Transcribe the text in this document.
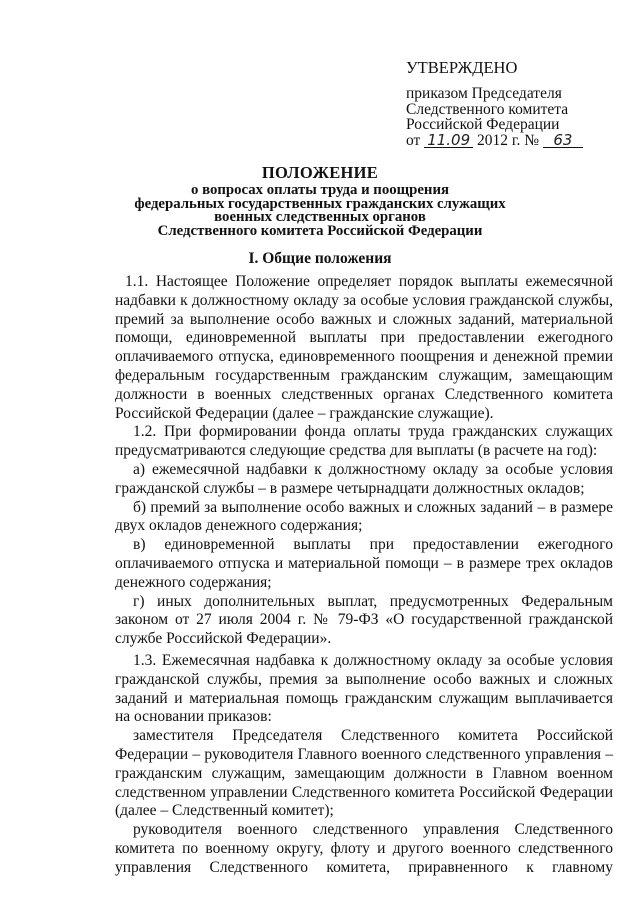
УТВЕРЖДЕНО
приказом Председателя
Следственного комитета
Российской Федерации
от 11.09 2012 г. № 63
ПОЛОЖЕНИЕ
о вопросах оплаты труда и поощрения
федеральных государственных гражданских служащих
военных следственных органов
Следственного комитета Российской Федерации
I. Общие положения

1.1. Настоящее Положение определяет порядок выплаты ежемесячной надбавки к должностному окладу за особые условия гражданской службы, премий за выполнение особо важных и сложных заданий, материальной помощи, единовременной выплаты при предоставлении ежегодного оплачиваемого отпуска, единовременного поощрения и денежной премии федеральным государственным гражданским служащим, замещающим должности в военных следственных органах Следственного комитета Российской Федерации (далее – гражданские служащие).

1.2. При формировании фонда оплаты труда гражданских служащих предусматриваются следующие средства для выплаты (в расчете на год):

а) ежемесячной надбавки к должностному окладу за особые условия гражданской службы – в размере четырнадцати должностных окладов;

б) премий за выполнение особо важных и сложных заданий – в размере двух окладов денежного содержания;

в) единовременной выплаты при предоставлении ежегодного оплачиваемого отпуска и материальной помощи – в размере трех окладов денежного содержания;

г) иных дополнительных выплат, предусмотренных Федеральным законом от 27 июля 2004 г. № 79-ФЗ «О государственной гражданской службе Российской Федерации».

1.3. Ежемесячная надбавка к должностному окладу за особые условия гражданской службы, премия за выполнение особо важных и сложных заданий и материальная помощь гражданским служащим выплачивается на основании приказов:

заместителя Председателя Следственного комитета Российской Федерации – руководителя Главного военного следственного управления – гражданским служащим, замещающим должности в Главном военном следственном управлении Следственного комитета Российской Федерации (далее – Следственный комитет);

руководителя военного следственного управления Следственного комитета по военному округу, флоту и другого военного следственного управления Следственного комитета, приравненного к главному
